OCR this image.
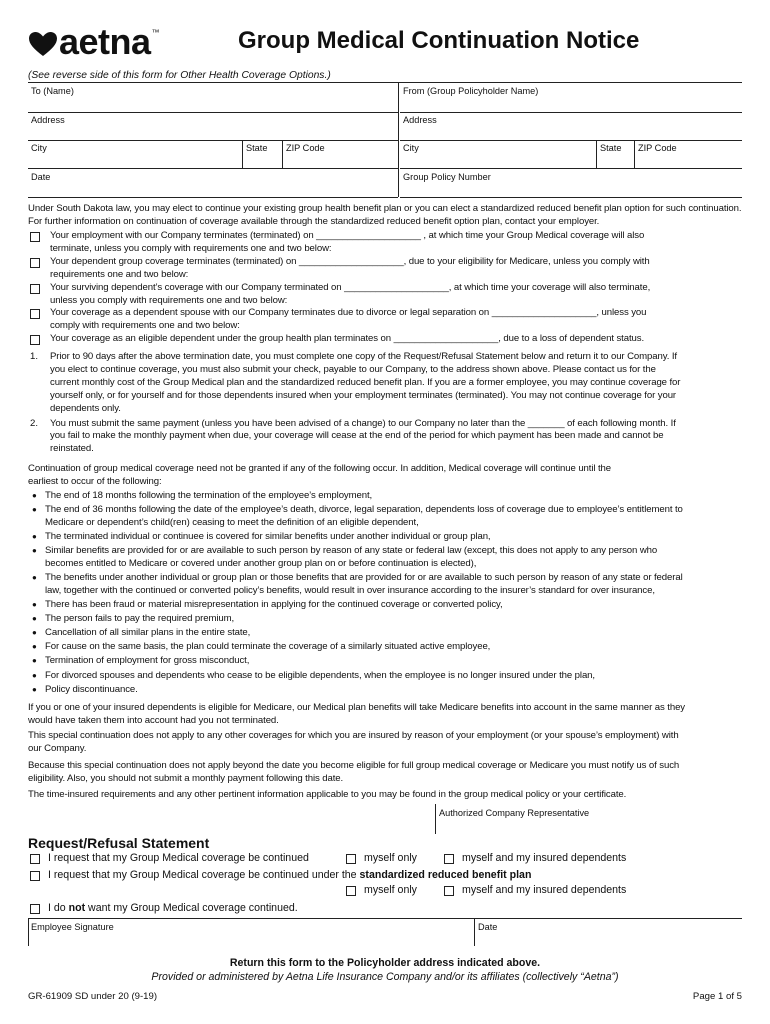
aetna ™	Group Medical Continuation Notice
(See reverse side of this form for Other Health Coverage Options.)
To (Name)	From (Group Policyholder Name)
Address	Address
City	State	ZIP Code	City	State	ZIP Code
Date	Group Policy Number
Under South Dakota law, you may elect to continue your existing group health benefit plan or you can elect a standardized reduced benefit plan option for such continuation. For further information on continuation of coverage available through the standardized reduced benefit option plan, contact your employer.
Your employment with our Company terminates (terminated) on ____________________ , at which time your Group Medical coverage will also
terminate, unless you comply with requirements one and two below:
Your dependent group coverage terminates (terminated) on ____________________, due to your eligibility for Medicare, unless you comply with
requirements one and two below:
Your surviving dependent’s coverage with our Company terminated on ____________________, at which time your coverage will also terminate,
unless you comply with requirements one and two below:
Your coverage as a dependent spouse with our Company terminates due to divorce or legal separation on ____________________, unless you
comply with requirements one and two below:
Your coverage as an eligible dependent under the group health plan terminates on ____________________, due to a loss of dependent status.
1. Prior to 90 days after the above termination date, you must complete one copy of the Request/Refusal Statement below and return it to our Company. If
you elect to continue coverage, you must also submit your check, payable to our Company, to the address shown above. Please contact us for the
current monthly cost of the Group Medical plan and the standardized reduced benefit plan. If you are a former employee, you may continue coverage for
yourself only, or for yourself and for those dependents insured when your employment terminates (terminated). You may not continue coverage for your
dependents only.
2. You must submit the same payment (unless you have been advised of a change) to our Company no later than the _______ of each following month. If
you fail to make the monthly payment when due, your coverage will cease at the end of the period for which payment has been made and cannot be
reinstated.
Continuation of group medical coverage need not be granted if any of the following occur. In addition, Medical coverage will continue until the
earliest to occur of the following:
● The end of 18 months following the termination of the employee’s employment,
● The end of 36 months following the date of the employee’s death, divorce, legal separation, dependents loss of coverage due to employee’s entitlement to
Medicare or dependent’s child(ren) ceasing to meet the definition of an eligible dependent,
● The terminated individual or continuee is covered for similar benefits under another individual or group plan,
● Similar benefits are provided for or are available to such person by reason of any state or federal law (except, this does not apply to any person who
becomes entitled to Medicare or covered under another group plan on or before continuation is elected),
● The benefits under another individual or group plan or those benefits that are provided for or are available to such person by reason of any state or federal
law, together with the continued or converted policy’s benefits, would result in over insurance according to the insurer’s standard for over insurance,
● There has been fraud or material misrepresentation in applying for the continued coverage or converted policy,
● The person fails to pay the required premium,
● Cancellation of all similar plans in the entire state,
● For cause on the same basis, the plan could terminate the coverage of a similarly situated active employee,
● Termination of employment for gross misconduct,
● For divorced spouses and dependents who cease to be eligible dependents, when the employee is no longer insured under the plan,
● Policy discontinuance.
If you or one of your insured dependents is eligible for Medicare, our Medical plan benefits will take Medicare benefits into account in the same manner as they
would have taken them into account had you not terminated.
This special continuation does not apply to any other coverages for which you are insured by reason of your employment (or your spouse’s employment) with
our Company.
Because this special continuation does not apply beyond the date you become eligible for full group medical coverage or Medicare you must notify us of such
eligibility. Also, you should not submit a monthly payment following this date.
The time-insured requirements and any other pertinent information applicable to you may be found in the group medical policy or your certificate.
Authorized Company Representative
Request/Refusal Statement
I request that my Group Medical coverage be continued	myself only	myself and my insured dependents
I request that my Group Medical coverage be continued under the standardized reduced benefit plan
myself only	myself and my insured dependents
I do not want my Group Medical coverage continued.
Employee Signature	Date
Return this form to the Policyholder address indicated above.
Provided or administered by Aetna Life Insurance Company and/or its affiliates (collectively “Aetna”)
GR-61909 SD under 20 (9-19)	Page 1 of 5
